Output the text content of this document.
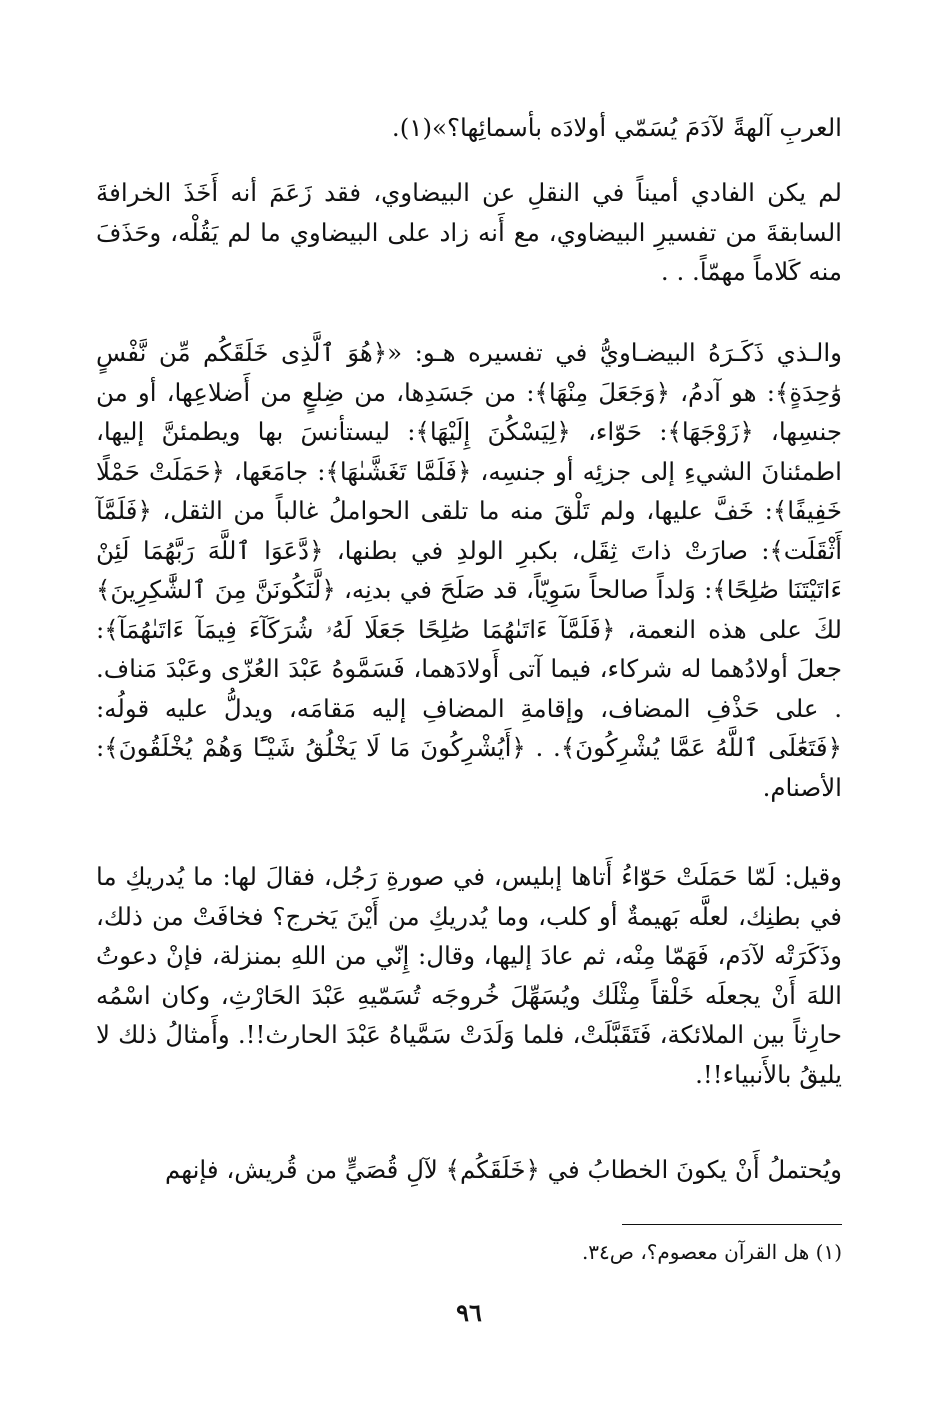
العربِ آلهةً لآدَمَ يُسَمّي أولادَه بأسمائِها؟»(١).

لم يكن الفادي أميناً في النقلِ عن البيضاوي، فقد زَعَمَ أنه أَخَذَ الخرافةَ السابقةَ من تفسيرِ البيضاوي، مع أَنه زاد على البيضاوي ما لم يَقُلْه، وحَذَفَ منه كَلاماً مهمّاً. . .

والـذي ذَكَـرَهُ البيضـاويُّ في تفسيره هـو: «﴿هُوَ ٱلَّذِى خَلَقَكُم مِّن نَّفْسٍ وَٰحِدَةٍ﴾: هو آدمُ، ﴿وَجَعَلَ مِنْهَا﴾: من جَسَدِها، من ضِلعٍ من أَضلاعِها، أو من جنسِها، ﴿زَوْجَهَا﴾: حَوّاء، ﴿لِيَسْكُنَ إِلَيْهَا﴾: ليستأنسَ بها ويطمئنَّ إليها، اطمئنانَ الشيءِ إلى جزئِه أو جنسِه، ﴿فَلَمَّا تَغَشَّىٰهَا﴾: جامَعَها، ﴿حَمَلَتْ حَمْلًا خَفِيفًا﴾: خَفَّ عليها، ولم تَلْقَ منه ما تلقى الحواملُ غالباً من الثقل، ﴿فَلَمَّآ أَثْقَلَت﴾: صارَتْ ذاتَ ثِقَل، بكبرِ الولدِ في بطنها، ﴿دَّعَوَا ٱللَّهَ رَبَّهُمَا لَئِنْ ءَاتَيْتَنَا صَٰلِحًا﴾: وَلداً صالحاً سَوِيّاً، قد صَلَحَ في بدنِه، ﴿لَّنَكُونَنَّ مِنَ ٱلشَّٰكِرِينَ﴾ لكَ على هذه النعمة، ﴿فَلَمَّآ ءَاتَىٰهُمَا صَٰلِحًا جَعَلَا لَهُۥ شُرَكَآءَ فِيمَآ ءَاتَىٰهُمَآ﴾: جعلَ أولادُهما له شركاء، فيما آتى أَولادَهما، فَسَمَّوهُ عَبْدَ العُزّى وعَبْدَ مَناف. . على حَذْفِ المضاف، وإقامةِ المضافِ إليه مَقامَه، ويدلُّ عليه قولُه: ﴿فَتَعَٰلَى ٱللَّهُ عَمَّا يُشْرِكُونَ﴾. . ﴿أَيُشْرِكُونَ مَا لَا يَخْلُقُ شَيْـًٔا وَهُمْ يُخْلَقُونَ﴾: الأصنام.

وقيل: لَمّا حَمَلَتْ حَوّاءُ أَتاها إبليس، في صورةِ رَجُل، فقالَ لها: ما يُدريكِ ما في بطنِك، لعلَّه بَهيمةٌ أو كلب، وما يُدريكِ من أَيْنَ يَخرج؟ فخافَتْ من ذلك، وذَكَرَتْه لآدَم، فَهَمّا مِنْه، ثم عادَ إليها، وقال: إِنّي من اللهِ بمنزلة، فإنْ دعوتُ اللهَ أَنْ يجعلَه خَلْقاً مِثْلَك ويُسَهِّلَ خُروجَه تُسَمّيهِ عَبْدَ الحَارْثِ، وكان اسْمُه حارِثاً بين الملائكة، فَتَقَبَّلَتْ، فلما وَلَدَتْ سَمَّياهُ عَبْدَ الحارث!!. وأَمثالُ ذلك لا يليقُ بالأَنبياء!!.

ويُحتملُ أَنْ يكونَ الخطابُ في ﴿خَلَقَكُم﴾ لآلِ قُصَيٍّ من قُريش، فإنهم

(١) هل القرآن معصوم؟، ص٣٤.

٩٦
